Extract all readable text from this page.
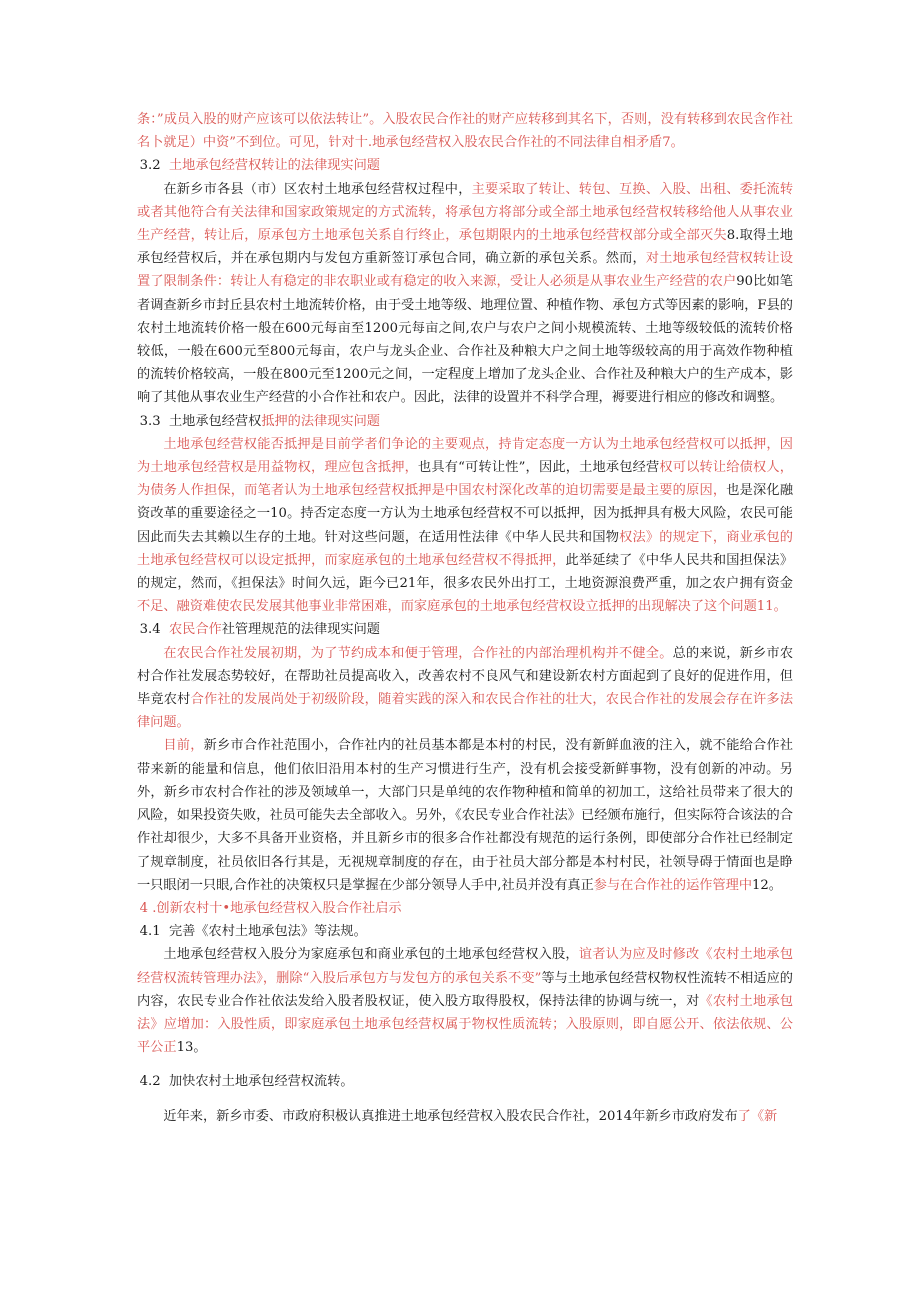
条：”成员入股的财产应该可以依法转让”。入股农民合作社的财产应转移到其名下，否则，没有转移到农民含作社名卜就足）中资”不到位。可见，针对十.地承包经营权入股农民合作社的不同法律自相矛盾7。

3.2 土地承包经营权转让的法律现实问题

在新乡市各县（市）区农村土地承包经营权过程中，主要采取了转让、转包、互换、入股、出租、委托流转或者其他符合有关法律和国家政策规定的方式流转，将承包方将部分或全部土地承包经营权转移给他人从事农业生产经营，转让后，原承包方土地承包关系自行终止，承包期限内的土地承包经营权部分或全部灭失8.取得土地承包经营权后，并在承包期内与发包方重新签订承包合同，确立新的承包关系。然而，对土地承包经营权转让设置了限制条件：转让人有稳定的非农职业或有稳定的收入来源，受让人必须是从事农业生产经营的农户90比如笔者调查新乡市封丘县农村土地流转价格，由于受土地等级、地理位置、种植作物、承包方式等因素的影响，F县的农村土地流转价格一般在600元每亩至1200元每亩之间,农户与农户之间小规模流转、土地等级较低的流转价格较低，一般在600元至800元每亩，农户与龙头企业、合作社及种粮大户之间土地等级较高的用于高效作物种植的流转价格较高，一般在800元至1200元之间，一定程度上增加了龙头企业、合作社及种粮大户的生产成本，影响了其他从事农业生产经营的小合作社和农户。因此，法律的设置并不科学合理，褥要进行相应的修改和调整。

3.3 土地承包经营权抵押的法律现实问题

土地承包经营权能否抵押是目前学者们争论的主要观点，持肯定态度一方认为土地承包经营权可以抵押，因为土地承包经营权是用益物权，理应包含抵押，也具有“可转让性”，因此，土地承包经营权可以转让给债权人，为债务人作担保，而笔者认为土地承包经营权抵押是中国农村深化改革的迫切需要是最主要的原因，也是深化融资改革的重要途径之一10。持否定态度一方认为土地承包经营权不可以抵押，因为抵押具有极大风险，农民可能因此而失去其赖以生存的土地。针对这些问题，在适用性法律《中华人民共和国物权法》的规定下，商业承包的土地承包经营权可以设定抵押，而家庭承包的土地承包经营权不得抵押，此举延续了《中华人民共和国担保法》的规定，然而，《担保法》时间久远，距今已21年，很多农民外出打工，土地资源浪费严重，加之农户拥有资金不足、融资难使农民发展其他事业非常困难，而家庭承包的土地承包经营权设立抵押的出现解决了这个问题11。

3.4 农民合作社管理规范的法律现实问题

在农民合作社发展初期，为了节约成本和便于管理，合作社的内部治理机构并不健全。总的来说，新乡市农村合作社发展态势较好，在帮助社员提高收入，改善农村不良风气和建设新农村方面起到了良好的促进作用，但毕竟农村合作社的发展尚处于初级阶段，随着实践的深入和农民合作社的壮大，农民合作社的发展会存在许多法律问题。

目前，新乡市合作社范围小，合作社内的社员基本都是本村的村民，没有新鲜血液的注入，就不能给合作社带来新的能量和信息，他们依旧沿用本村的生产习惯进行生产，没有机会接受新鲜事物，没有创新的冲动。另外，新乡市农村合作社的涉及领域单一，大部门只是单纯的农作物种植和简单的初加工，这给社员带来了很大的风险，如果投资失败，社员可能失去全部收入。另外，《农民专业合作社法》已经颁布施行，但实际符合该法的合作社却很少，大多不具备开业资格，并且新乡市的很多合作社都没有规范的运行条例，即使部分合作社已经制定了规章制度，社员依旧各行其是，无视规章制度的存在，由于社员大部分都是本村村民，社领导碍于情面也是睁一只眼闭一只眼,合作社的决策权只是掌握在少部分领导人手中,社员并没有真正参与在合作社的运作管理中12。

4 .创新农村十•地承包经营权入股合作社启示
4.1 完善《农村土地承包法》等法规。

土地承包经营权入股分为家庭承包和商业承包的土地承包经营权入股，谊者认为应及时修改《农村土地承包经营权流转管理办法》，删除“入股后承包方与发包方的承包关系不变”等与土地承包经营权物权性流转不相适应的内容，农民专业合作社依法发给入股者股权证，使入股方取得股权，保持法律的协调与统一，对《农村土地承包法》应增加：入股性质，即家庭承包土地承包经营权属于物权性质流转；入股原则，即自愿公开、依法依规、公平公正13。

4.2 加快农村土地承包经营权流转。

近年来，新乡市委、市政府积极认真推进土地承包经营权入股农民合作社，2014年新乡市政府发布了《新
